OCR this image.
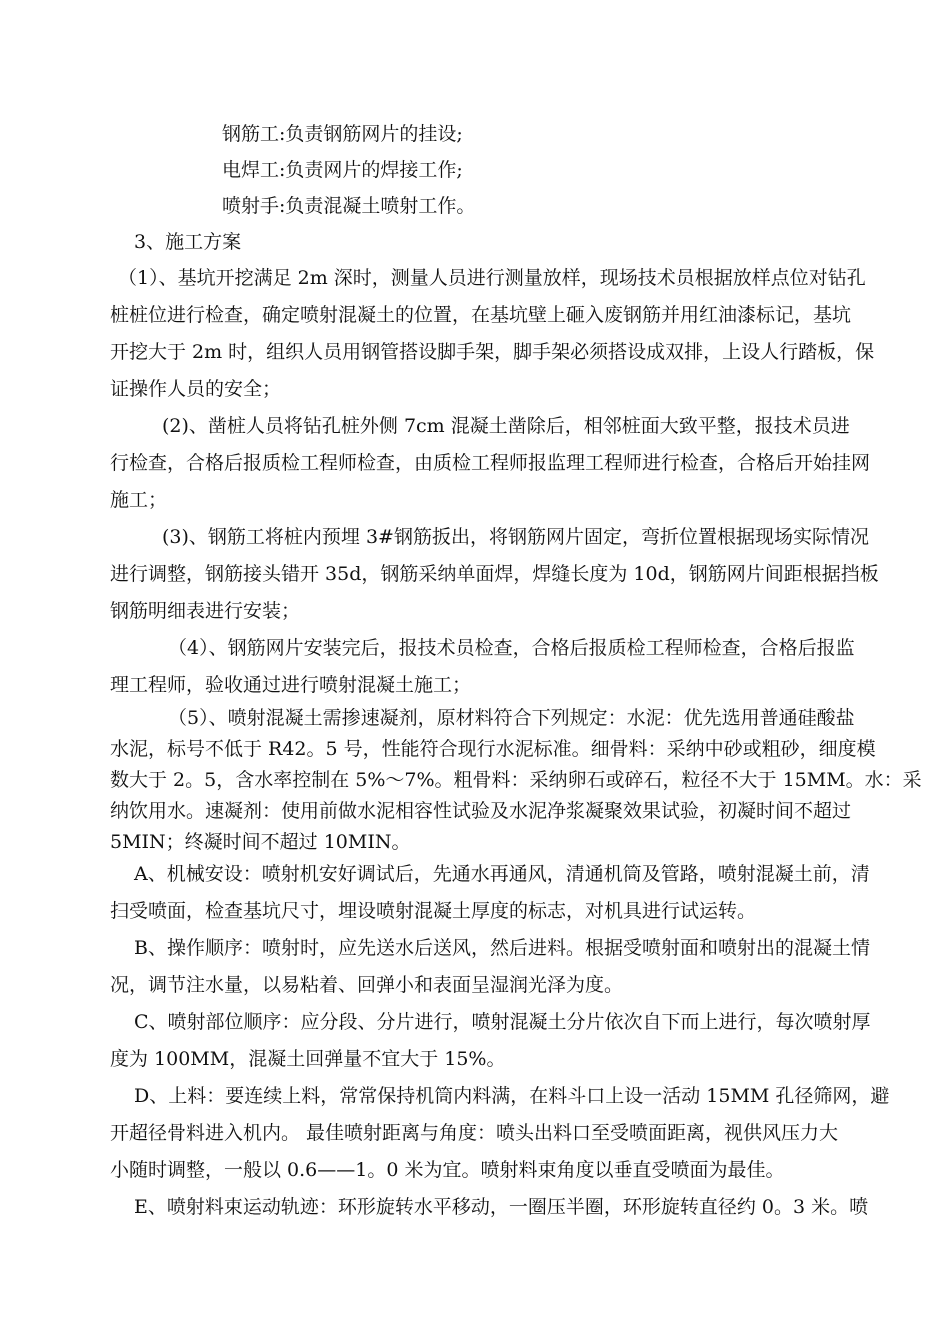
钢筋工:负责钢筋网片的挂设;
电焊工:负责网片的焊接工作;
喷射手:负责混凝土喷射工作。
3、施工方案
（1）、基坑开挖满足 2m 深时，测量人员进行测量放样，现场技术员根据放样点位对钻孔
桩桩位进行检查，确定喷射混凝土的位置，在基坑壁上砸入废钢筋并用红油漆标记，基坑
开挖大于 2m 时，组织人员用钢管搭设脚手架，脚手架必须搭设成双排，上设人行踏板，保
证操作人员的安全；
(2)、凿桩人员将钻孔桩外侧 7cm 混凝土凿除后，相邻桩面大致平整，报技术员进
行检查，合格后报质检工程师检查，由质检工程师报监理工程师进行检查，合格后开始挂网
施工；
(3)、钢筋工将桩内预埋 3#钢筋扳出，将钢筋网片固定，弯折位置根据现场实际情况
进行调整，钢筋接头错开 35d，钢筋采纳单面焊，焊缝长度为 10d，钢筋网片间距根据挡板
钢筋明细表进行安装；
（4）、钢筋网片安装完后，报技术员检查，合格后报质检工程师检查，合格后报监
理工程师，验收通过进行喷射混凝土施工；
（5）、喷射混凝土需掺速凝剂，原材料符合下列规定：水泥：优先选用普通硅酸盐
水泥，标号不低于 R42。5 号，性能符合现行水泥标准。细骨料：采纳中砂或粗砂，细度模
数大于 2。5，含水率控制在 5%～7%。粗骨料：采纳卵石或碎石，粒径不大于 15MM。水：采
纳饮用水。速凝剂：使用前做水泥相容性试验及水泥净浆凝聚效果试验，初凝时间不超过
5MIN；终凝时间不超过 10MIN。
A、机械安设：喷射机安好调试后，先通水再通风，清通机筒及管路，喷射混凝土前，清
扫受喷面，检查基坑尺寸，埋设喷射混凝土厚度的标志，对机具进行试运转。
B、操作顺序：喷射时，应先送水后送风，然后进料。根据受喷射面和喷射出的混凝土情
况，调节注水量，以易粘着、回弹小和表面呈湿润光泽为度。
C、喷射部位顺序：应分段、分片进行，喷射混凝土分片依次自下而上进行，每次喷射厚
度为 100MM，混凝土回弹量不宜大于 15%。
D、上料：要连续上料，常常保持机筒内料满，在料斗口上设一活动 15MM 孔径筛网，避
开超径骨料进入机内。 最佳喷射距离与角度：喷头出料口至受喷面距离，视供风压力大
小随时调整，一般以 0.6——1。0 米为宜。喷射料束角度以垂直受喷面为最佳。
E、喷射料束运动轨迹：环形旋转水平移动，一圈压半圈，环形旋转直径约 0。3 米。喷
